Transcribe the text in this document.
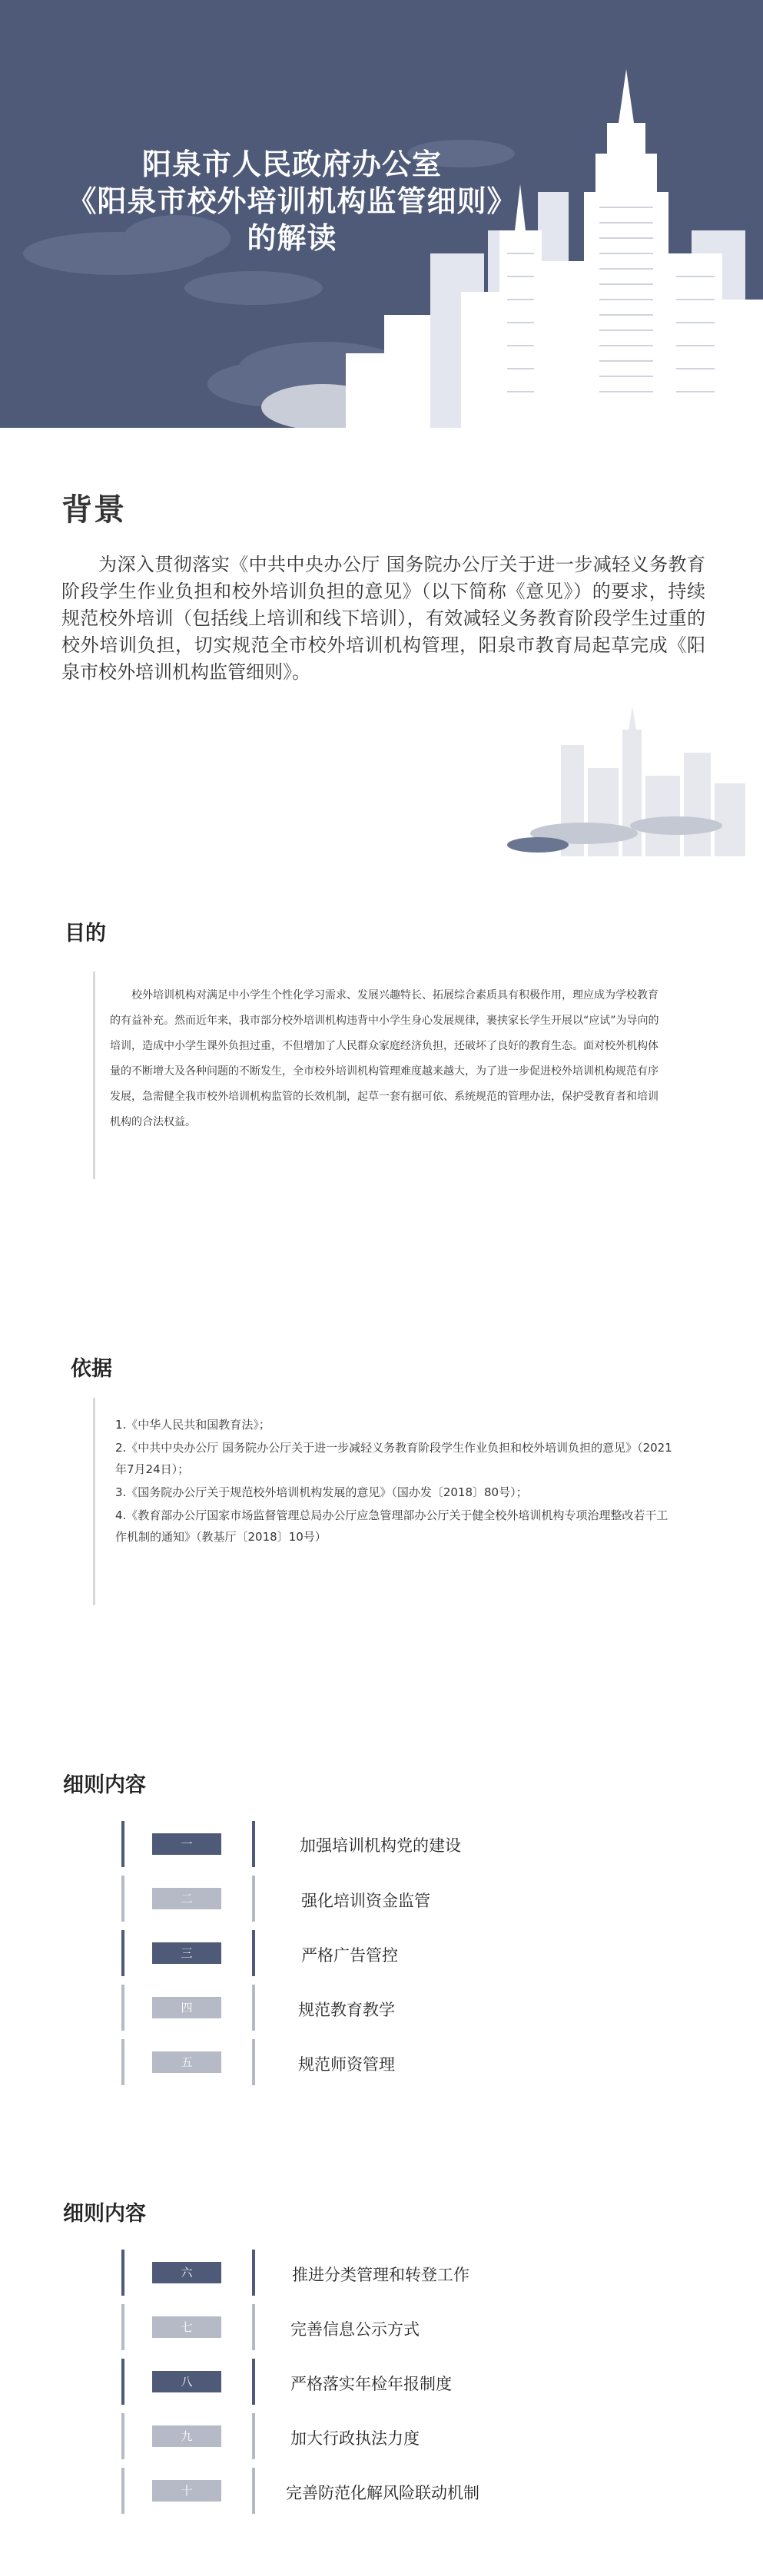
阳泉市人民政府办公室
《阳泉市校外培训机构监管细则》
的解读
背景

为深入贯彻落实《中共中央办公厅 国务院办公厅关于进一步减轻义务教育阶段学生作业负担和校外培训负担的意见》（以下简称《意见》）的要求，持续规范校外培训（包括线上培训和线下培训），有效减轻义务教育阶段学生过重的校外培训负担，切实规范全市校外培训机构管理，阳泉市教育局起草完成《阳泉市校外培训机构监管细则》。

目的

校外培训机构对满足中小学生个性化学习需求、发展兴趣特长、拓展综合素质具有积极作用，理应成为学校教育的有益补充。然而近年来，我市部分校外培训机构违背中小学生身心发展规律，裹挟家长学生开展以“应试”为导向的培训，造成中小学生课外负担过重，不但增加了人民群众家庭经济负担，还破坏了良好的教育生态。面对校外机构体量的不断增大及各种问题的不断发生，全市校外培训机构管理难度越来越大，为了进一步促进校外培训机构规范有序发展，急需健全我市校外培训机构监管的长效机制，起草一套有据可依、系统规范的管理办法，保护受教育者和培训机构的合法权益。

依据
1.《中华人民共和国教育法》；
2.《中共中央办公厅 国务院办公厅关于进一步减轻义务教育阶段学生作业负担和校外培训负担的意见》（2021年7月24日）；
3.《国务院办公厅关于规范校外培训机构发展的意见》（国办发〔2018〕80号）；
4.《教育部办公厅国家市场监督管理总局办公厅应急管理部办公厅关于健全校外培训机构专项治理整改若干工作机制的通知》（教基厅〔2018〕10号）
细则内容
一	加强培训机构党的建设
二	强化培训资金监管
三	严格广告管控
四	规范教育教学
五	规范师资管理
细则内容
六	推进分类管理和转登工作
七	完善信息公示方式
八	严格落实年检年报制度
九	加大行政执法力度
十	完善防范化解风险联动机制
